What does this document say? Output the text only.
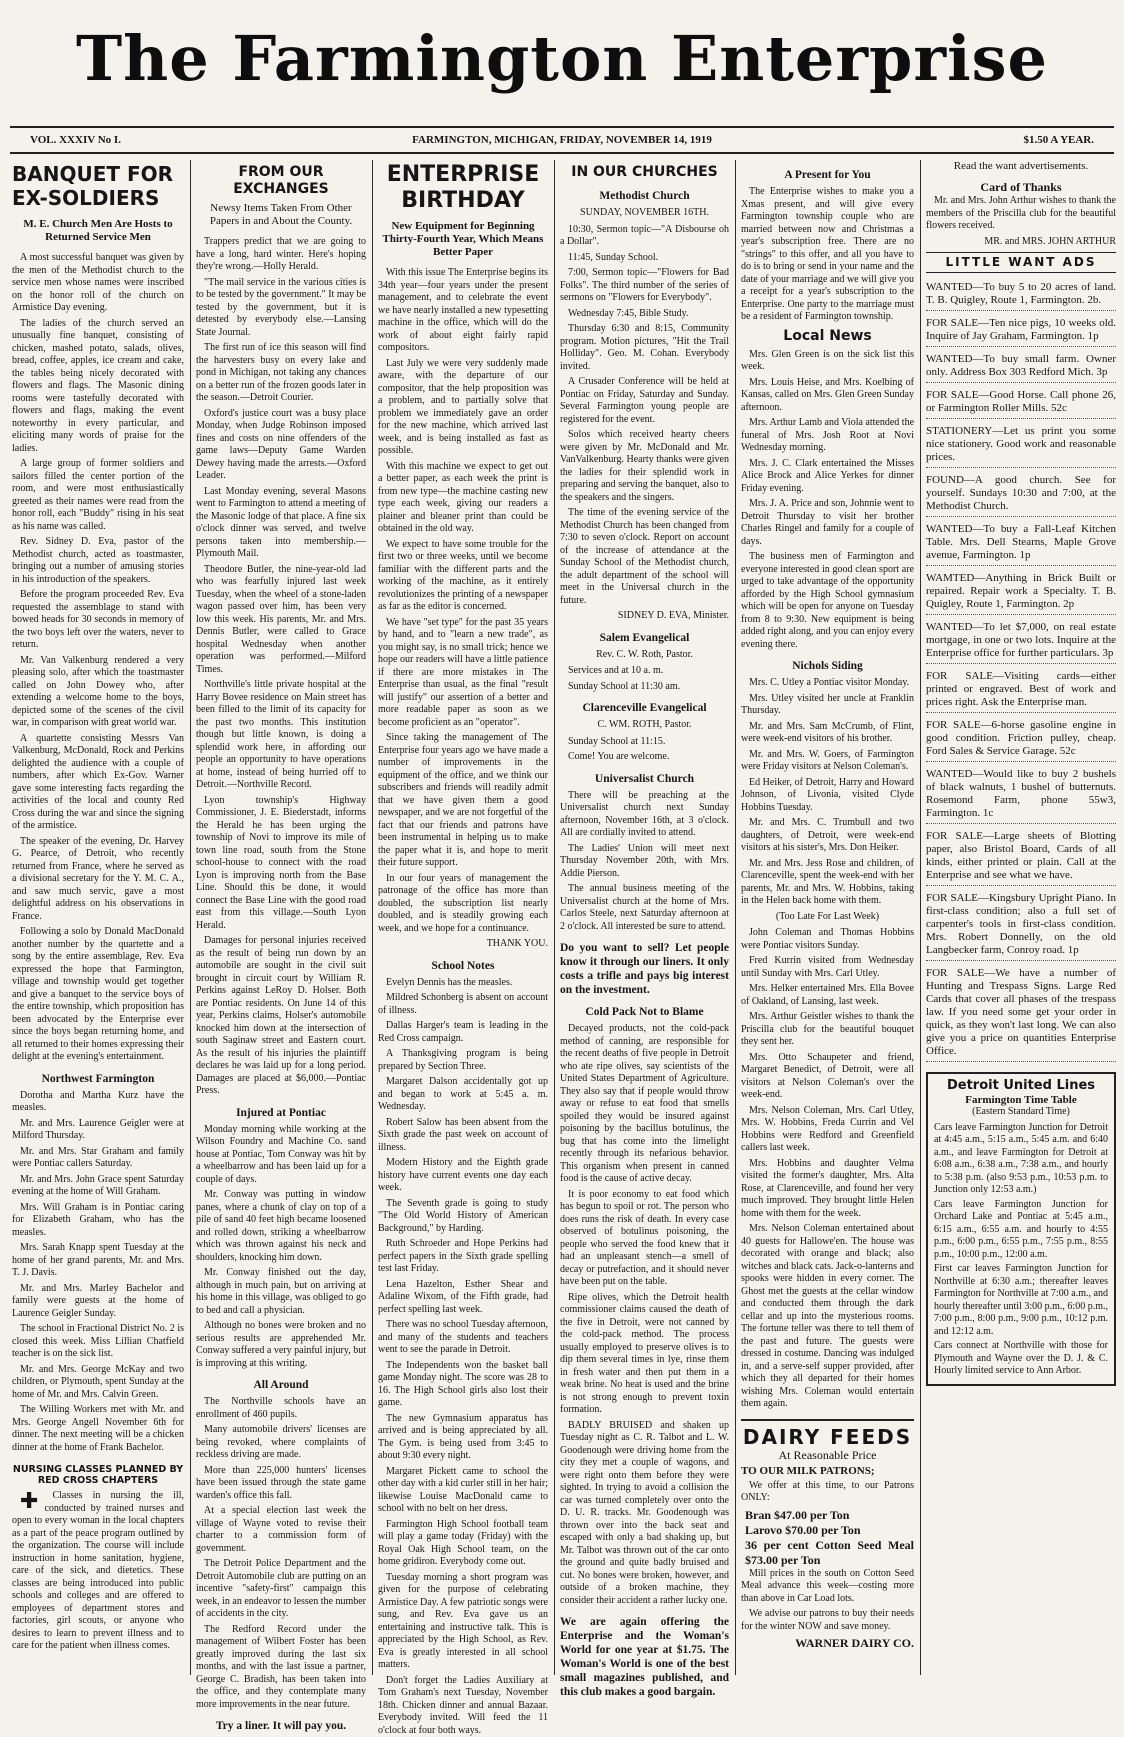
The Farmington Enterprise
VOL. XXXIV No I.	FARMINGTON, MICHIGAN, FRIDAY, NOVEMBER 14, 1919	$1.50 A YEAR.
BANQUET FOR EX-SOLDIERS
M. E. Church Men Are Hosts to Returned Service Men

A most successful banquet was given by the men of the Methodist church to the service men whose names were inscribed on the honor roll of the church on Armistice Day evening.

The ladies of the church served an unusually fine banquet, consisting of chicken, mashed potato, salads, olives, bread, coffee, apples, ice cream and cake, the tables being nicely decorated with flowers and flags. The Masonic dining rooms were tastefully decorated with flowers and flags, making the event noteworthy in every particular, and eliciting many words of praise for the ladies.

A large group of former soldiers and sailors filled the center portion of the room, and were most enthusiastically greeted as their names were read from the honor roll, each "Buddy" rising in his seat as his name was called.

Rev. Sidney D. Eva, pastor of the Methodist church, acted as toastmaster, bringing out a number of amusing stories in his introduction of the speakers.

Before the program proceeded Rev. Eva requested the assemblage to stand with bowed heads for 30 seconds in memory of the two boys left over the waters, never to return.

Mr. Van Valkenburg rendered a very pleasing solo, after which the toastmaster called on John Dowey who, after extending a welcome home to the boys, depicted some of the scenes of the civil war, in comparison with great world war.

A quartette consisting Messrs Van Valkenburg, McDonald, Rock and Perkins delighted the audience with a couple of numbers, after which Ex-Gov. Warner gave some interesting facts regarding the activities of the local and county Red Cross during the war and since the signing of the armistice.

The speaker of the evening, Dr. Harvey G. Pearce, of Detroit, who recently returned from France, where he served as a divisional secretary for the Y. M. C. A., and saw much servic, gave a most delightful address on his observations in France.

Following a solo by Donald MacDonald another number by the quartette and a song by the entire assemblage, Rev. Eva expressed the hope that Farmington, village and township would get together and give a banquet to the service boys of the entire township, which proposition has been advocated by the Enterprise ever since the boys began returning home, and all returned to their homes expressing their delight at the evening's entertainment.

Northwest Farmington

Dorotha and Martha Kurz have the measles.

Mr. and Mrs. Laurence Geigler were at Milford Thursday.

Mr. and Mrs. Star Graham and family were Pontiac callers Saturday.

Mr. and Mrs. John Grace spent Saturday evening at the home of Will Graham.

Mrs. Will Graham is in Pontiac caring for Elizabeth Graham, who has the measles.

Mrs. Sarah Knapp spent Tuesday at the home of her grand parents, Mr. and Mrs. T. J. Davis.

Mr. and Mrs. Marley Bachelor and family were guests at the home of Laurence Geigler Sunday.

The school in Fractional District No. 2 is closed this week. Miss Lillian Chatfield teacher is on the sick list.

Mr. and Mrs. George McKay and two children, or Plymouth, spent Sunday at the home of Mr. and Mrs. Calvin Green.

The Willing Workers met with Mr. and Mrs. George Angell November 6th for dinner. The next meeting will be a chicken dinner at the home of Frank Bachelor.

NURSING CLASSES PLANNED BY RED CROSS CHAPTERS

✚ Classes in nursing the ill, conducted by trained nurses and open to every woman in the local chapters as a part of the peace program outlined by the organization. The course will include instruction in home sanitation, hygiene, care of the sick, and dietetics. These classes are being introduced into public schools and colleges and are offered to employees of department stores and factories, girl scouts, or anyone who desires to learn to prevent illness and to care for the patient when illness comes.

FROM OUR EXCHANGES
Newsy Items Taken From Other Papers in and About the County.

Trappers predict that we are going to have a long, hard winter. Here's hoping they're wrong.—Holly Herald.

"The mail service in the various cities is to be tested by the government." It may be tested by the government, but it is detested by everybody else.—Lansing State Journal.

The first run of ice this season will find the harvesters busy on every lake and pond in Michigan, not taking any chances on a better run of the frozen goods later in the season.—Detroit Courier.

Oxford's justice court was a busy place Monday, when Judge Robinson imposed fines and costs on nine offenders of the game laws—Deputy Game Warden Dewey having made the arrests.—Oxford Leader.

Last Monday evening, several Masons went to Farmington to attend a meeting of the Masonic lodge of that place. A fine six o'clock dinner was served, and twelve persons taken into membership.—Plymouth Mail.

Theodore Butler, the nine-year-old lad who was fearfully injured last week Tuesday, when the wheel of a stone-laden wagon passed over him, has been very low this week. His parents, Mr. and Mrs. Dennis Butler, were called to Grace hospital Wednesday when another operation was performed.—Milford Times.

Northville's little private hospital at the Harry Bovee residence on Main street has been filled to the limit of its capacity for the past two months. This institution though but little known, is doing a splendid work here, in affording our people an opportunity to have operations at home, instead of being hurried off to Detroit.—Northville Record.

Lyon township's Highway Commissioner, J. E. Biederstadt, informs the Herald he has been urging the township of Novi to improve its mile of town line road, south from the Stone school-house to connect with the road Lyon is improving north from the Base Line. Should this be done, it would connect the Base Line with the good road east from this village.—South Lyon Herald.

Damages for personal injuries received as the result of being run down by an automobile are sought in the civil suit brought in circuit court by William R. Perkins against LeRoy D. Holser. Both are Pontiac residents. On June 14 of this year, Perkins claims, Holser's automobile knocked him down at the intersection of south Saginaw street and Eastern court. As the result of his injuries the plaintiff declares he was laid up for a long period. Damages are placed at $6,000.—Pontiac Press.

Injured at Pontiac

Monday morning while working at the Wilson Foundry and Machine Co. sand house at Pontiac, Tom Conway was hit by a wheelbarrow and has been laid up for a couple of days.

Mr. Conway was putting in window panes, where a chunk of clay on top of a pile of sand 40 feet high became loosened and rolled down, striking a wheelbarrow which was thrown against his neck and shoulders, knocking him down.

Mr. Conway finished out the day, although in much pain, but on arriving at his home in this village, was obliged to go to bed and call a physician.

Although no bones were broken and no serious results are apprehended Mr. Conway suffered a very painful injury, but is improving at this writing.

All Around

The Northville schools have an enrollment of 460 pupils.

Many automobile drivers' licenses are being revoked, where complaints of reckless driving are made.

More than 225,000 hunters' licenses have been issued through the state game warden's office this fall.

At a special election last week the village of Wayne voted to revise their charter to a commission form of government.

The Detroit Police Department and the Detroit Automobile club are putting on an incentive "safety-first" campaign this week, in an endeavor to lessen the number of accidents in the city.

The Redford Record under the management of Wilbert Foster has been greatly improved during the last six months, and with the last issue a partner, George C. Bradish, has been taken into the office, and they contemplate many more improvements in the near future.

Try a liner. It will pay you.
ENTERPRISE BIRTHDAY
New Equipment for Beginning Thirty-Fourth Year, Which Means Better Paper

With this issue The Enterprise begins its 34th year—four years under the present management, and to celebrate the event we have nearly installed a new typesetting machine in the office, which will do the work of about eight fairly rapid compositors.

Last July we were very suddenly made aware, with the departure of our compositor, that the help proposition was a problem, and to partially solve that problem we immediately gave an order for the new machine, which arrived last week, and is being installed as fast as possible.

With this machine we expect to get out a better paper, as each week the print is from new type—the machine casting new type each week, giving our readers a plainer and bleaner print than could be obtained in the old way.

We expect to have some trouble for the first two or three weeks, until we become familiar with the different parts and the working of the machine, as it entirely revolutionizes the printing of a newspaper as far as the editor is concerned.

We have "set type" for the past 35 years by hand, and to "learn a new trade", as you might say, is no small trick; hence we hope our readers will have a little patience if there are more mistakes in The Enterprise than usual, as the final "result will justify" our assertion of a better and more readable paper as soon as we become proficient as an "operator".

Since taking the management of The Enterprise four years ago we have made a number of improvements in the equipment of the office, and we think our subscribers and friends will readily admit that we have given them a good newspaper, and we are not forgetful of the fact that our friends and patrons have been instrumental in helping us to make the paper what it is, and hope to merit their future support.

In our four years of management the patronage of the office has more than doubled, the subscription list nearly doubled, and is steadily growing each week, and we hope for a continuance.

THANK YOU.
School Notes

Evelyn Dennis has the measles.

Mildred Schonberg is absent on account of illness.

Dallas Harger's team is leading in the Red Cross campaign.

A Thanksgiving program is being prepared by Section Three.

Margaret Dalson accidentally got up and began to work at 5:45 a. m. Wednesday.

Robert Salow has been absent from the Sixth grade the past week on account of illness.

Modern History and the Eighth grade history have current events one day each week.

The Seventh grade is going to study "The Old World History of American Background," by Harding.

Ruth Schroeder and Hope Perkins had perfect papers in the Sixth grade spelling test last Friday.

Lena Hazelton, Esther Shear and Adaline Wixom, of the Fifth grade, had perfect spelling last week.

There was no school Tuesday afternoon, and many of the students and teachers went to see the parade in Detroit.

The Independents won the basket ball game Monday night. The score was 28 to 16. The High School girls also lost their game.

The new Gymnasium apparatus has arrived and is being appreciated by all. The Gym. is being used from 3:45 to about 9:30 every night.

Margaret Pickett came to school the other day with a kid curler still in her hair; likewise Louise MacDonald came to school with no belt on her dress.

Farmington High School football team will play a game today (Friday) with the Royal Oak High School team, on the home gridiron. Everybody come out.

Tuesday morning a short program was given for the purpose of celebrating Armistice Day. A few patriotic songs were sung, and Rev. Eva gave us an entertaining and instructive talk. This is appreciated by the High School, as Rev. Eva is greatly interested in all school matters.

Don't forget the Ladies Auxiliary at Tom Graham's next Tuesday, November 18th. Chicken dinner and annual Bazaar. Everybody invited. Will feed the 11 o'clock at four both ways.

IN OUR CHURCHES
Methodist Church
SUNDAY, NOVEMBER 16TH.

10:30, Sermon topic—"A Disbourse oh a Dollar".

11:45, Sunday School.

7:00, Sermon topic—"Flowers for Bad Folks". The third number of the series of sermons on "Flowers for Everybody".

Wednesday 7:45, Bible Study.

Thursday 6:30 and 8:15, Community program. Motion pictures, "Hit the Trail Holliday". Geo. M. Cohan. Everybody invited.

A Crusader Conference will be held at Pontiac on Friday, Saturday and Sunday. Several Farmington young people are registered for the event.

Solos which received hearty cheers were given by Mr. McDonald and Mr. VanValkenburg. Hearty thanks were given the ladies for their splendid work in preparing and serving the banquet, also to the speakers and the singers.

The time of the evening service of the Methodist Church has been changed from 7:30 to seven o'clock. Report on account of the increase of attendance at the Sunday School of the Methodist church, the adult department of the school will meet in the Universal church in the future.

SIDNEY D. EVA, Minister.
Salem Evangelical
Rev. C. W. Roth, Pastor.

Services and at 10 a. m.

Sunday School at 11:30 am.

Clarenceville Evangelical
C. WM. ROTH, Pastor.

Sunday School at 11:15.

Come! You are welcome.

Universalist Church

There will be preaching at the Universalist church next Sunday afternoon, November 16th, at 3 o'clock. All are cordially invited to attend.

The Ladies' Union will meet next Thursday November 20th, with Mrs. Addie Pierson.

The annual business meeting of the Universalist church at the home of Mrs. Carlos Steele, next Saturday afternoon at 2 o'clock. All interested be sure to attend.

Do you want to sell? Let people know it through our liners. It only costs a trifle and pays big interest on the investment.
Cold Pack Not to Blame

Decayed products, not the cold-pack method of canning, are responsible for the recent deaths of five people in Detroit who ate ripe olives, say scientists of the United States Department of Agriculture. They also say that if people would throw away or refuse to eat food that smells spoiled they would be insured against poisoning by the bacillus botulinus, the bug that has come into the limelight recently through its nefarious behavior. This organism when present in canned food is the cause of active decay.

It is poor economy to eat food which has begun to spoil or rot. The person who does runs the risk of death. In every case observed of botulinus poisoning, the people who served the food knew that it had an unpleasant stench—a smell of decay or putrefaction, and it should never have been put on the table.

Ripe olives, which the Detroit health commissioner claims caused the death of the five in Detroit, were not canned by the cold-pack method. The process usually employed to preserve olives is to dip them several times in lye, rinse them in fresh water and then put them in a weak brine. No heat is used and the brine is not strong enough to prevent toxin formation.

BADLY BRUISED and shaken up Tuesday night as C. R. Talbot and L. W. Goodenough were driving home from the city they met a couple of wagons, and were right onto them before they were sighted. In trying to avoid a collision the car was turned completely over onto the D. U. R. tracks. Mr. Goodenough was thrown over into the back seat and escaped with only a bad shaking up, but Mr. Talbot was thrown out of the car onto the ground and quite badly bruised and cut. No bones were broken, however, and outside of a broken machine, they consider their accident a rather lucky one.

We are again offering the Enterprise and the Woman's World for one year at $1.75. The Woman's World is one of the best small magazines published, and this club makes a good bargain.
A Present for You

The Enterprise wishes to make you a Xmas present, and will give every Farmington township couple who are married between now and Christmas a year's subscription free. There are no "strings" to this offer, and all you have to do is to bring or send in your name and the date of your marriage and we will give you a receipt for a year's subscription to the Enterprise. One party to the marriage must be a resident of Farmington township.

Local News

Mrs. Glen Green is on the sick list this week.

Mrs. Louis Heise, and Mrs. Koelbing of Kansas, called on Mrs. Glen Green Sunday afternoon.

Mrs. Arthur Lamb and Viola attended the funeral of Mrs. Josh Root at Novi Wednesday morning.

Mrs. J. C. Clark entertained the Misses Alice Brock and Alice Yerkes for dinner Friday evening.

Mrs. J. A. Price and son, Johnnie went to Detroit Thursday to visit her brother Charles Ringel and family for a couple of days.

The business men of Farmington and everyone interested in good clean sport are urged to take advantage of the opportunity afforded by the High School gymnasium which will be open for anyone on Tuesday from 8 to 9:30. New equipment is being added right along, and you can enjoy every evening there.

Nichols Siding

Mrs. C. Utley a Pontiac visitor Monday.

Mrs. Utley visited her uncle at Franklin Thursday.

Mr. and Mrs. Sam McCrumb, of Flint, were week-end visitors of his brother.

Mr. and Mrs. W. Goers, of Farmington were Friday visitors at Nelson Coleman's.

Ed Heiker, of Detroit, Harry and Howard Johnson, of Livonia, visited Clyde Hobbins Tuesday.

Mr. and Mrs. C. Trumbull and two daughters, of Detroit, were week-end visitors at his sister's, Mrs. Don Heiker.

Mr. and Mrs. Jess Rose and children, of Clarenceville, spent the week-end with her parents, Mr. and Mrs. W. Hobbins, taking in the Helen back home with them.

(Too Late For Last Week)

John Coleman and Thomas Hobbins were Pontiac visitors Sunday.

Fred Kurrin visited from Wednesday until Sunday with Mrs. Carl Utley.

Mrs. Helker entertained Mrs. Ella Bovee of Oakland, of Lansing, last week.

Mrs. Arthur Geistler wishes to thank the Priscilla club for the beautiful bouquet they sent her.

Mrs. Otto Schaupeter and friend, Margaret Benedict, of Detroit, were all visitors at Nelson Coleman's over the week-end.

Mrs. Nelson Coleman, Mrs. Carl Utley, Mrs. W. Hobbins, Freda Currin and Vel Hobbins were Redford and Greenfield callers last week.

Mrs. Hobbins and daughter Velma visited the former's daughter, Mrs. Alta Rose, at Clarenceville, and found her very much improved. They brought little Helen home with them for the week.

Mrs. Nelson Coleman entertained about 40 guests for Hallowe'en. The house was decorated with orange and black; also witches and black cats. Jack-o-lanterns and spooks were hidden in every corner. The Ghost met the guests at the cellar window and conducted them through the dark cellar and up into the mysterious rooms. The fortune teller was there to tell them of the past and future. The guests were dressed in costume. Dancing was indulged in, and a serve-self supper provided, after which they all departed for their homes wishing Mrs. Coleman would entertain them again.

DAIRY FEEDS
At Reasonable Price
TO OUR MILK PATRONS;

We offer at this time, to our Patrons ONLY:

Bran $47.00 per Ton
Larovo $70.00 per Ton
36 per cent Cotton Seed Meal $73.00 per Ton

Mill prices in the south on Cotton Seed Meal advance this week—costing more than above in Car Load lots.

We advise our patrons to buy their needs for the winter NOW and save money.

WARNER DAIRY CO.
Read the want advertisements.
Card of Thanks

Mr. and Mrs. John Arthur wishes to thank the members of the Priscilla club for the beautiful flowers received.

MR. and MRS. JOHN ARTHUR
LITTLE WANT ADS

WANTED—To buy 5 to 20 acres of land. T. B. Quigley, Route 1, Farmington. 2b.

FOR SALE—Ten nice pigs, 10 weeks old. Inquire of Jay Graham, Farmington. 1p

WANTED—To buy small farm. Owner only. Address Box 303 Redford Mich. 3p

FOR SALE—Good Horse. Call phone 26, or Farmington Roller Mills. 52c

STATIONERY—Let us print you some nice stationery. Good work and reasonable prices.

FOUND—A good church. See for yourself. Sundays 10:30 and 7:00, at the Methodist Church.

WANTED—To buy a Fall-Leaf Kitchen Table. Mrs. Dell Stearns, Maple Grove avenue, Farmington. 1p

WAMTED—Anything in Brick Built or repaired. Repair work a Specialty. T. B. Quigley, Route 1, Farmington. 2p

WANTED—To let $7,000, on real estate mortgage, in one or two lots. Inquire at the Enterprise office for further particulars. 3p

FOR SALE—Visiting cards—either printed or engraved. Best of work and prices right. Ask the Enterprise man.

FOR SALE—6-horse gasoline engine in good condition. Friction pulley, cheap. Ford Sales & Service Garage. 52c

WANTED—Would like to buy 2 bushels of black walnuts, 1 bushel of butternuts. Rosemond Farm, phone 55w3, Farmington. 1c

FOR SALE—Large sheets of Blotting paper, also Bristol Board, Cards of all kinds, either printed or plain. Call at the Enterprise and see what we have.

FOR SALE—Kingsbury Upright Piano. In first-class condition; also a full set of carpenter's tools in first-class condition. Mrs. Robert Donnelly, on the old Langbecker farm, Conroy road. 1p

FOR SALE—We have a number of Hunting and Trespass Signs. Large Red Cards that cover all phases of the trespass law. If you need some get your order in quick, as they won't last long. We can also give you a price on quantities Enterprise Office.

Detroit United Lines
Farmington Time Table
(Eastern Standard Time)

Cars leave Farmington Junction for Detroit at 4:45 a.m., 5:15 a.m., 5:45 a.m. and 6:40 a.m., and leave Farmington for Detroit at 6:08 a.m., 6:38 a.m., 7:38 a.m., and hourly to 5:38 p.m. (also 9:53 p.m., 10:53 p.m. to Junction only 12:53 a.m.)

Cars leave Farmington Junction for Orchard Lake and Pontiac at 5:45 a.m., 6:15 a.m., 6:55 a.m. and hourly to 4:55 p.m., 6:00 p.m., 6:55 p.m., 7:55 p.m., 8:55 p.m., 10:00 p.m., 12:00 a.m.

First car leaves Farmington Junction for Northville at 6:30 a.m.; thereafter leaves Farmington for Northville at 7:00 a.m., and hourly thereafter until 3:00 p.m., 6:00 p.m., 7:00 p.m., 8:00 p.m., 9:00 p.m., 10:12 p.m. and 12:12 a.m.

Cars connect at Northville with those for Plymouth and Wayne over the D. J. & C. Hourly limited service to Ann Arbor.
